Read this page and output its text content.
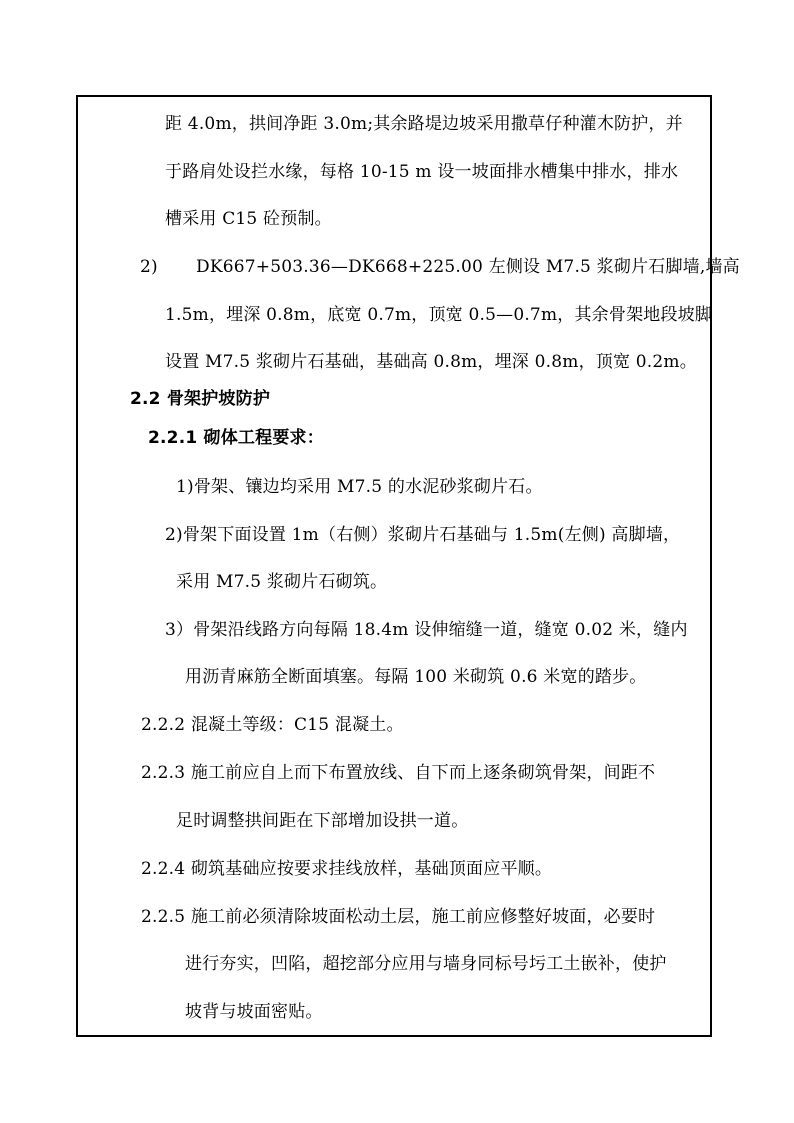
距 4.0m，拱间净距 3.0m;其余路堤边坡采用撒草仔种灌木防护，并
于路肩处设拦水缘，每格 10-15 m 设一坡面排水槽集中排水，排水
槽采用 C15 砼预制。
2) DK667+503.36—DK668+225.00 左侧设 M7.5 浆砌片石脚墙,墙高
1.5m，埋深 0.8m，底宽 0.7m，顶宽 0.5—0.7m，其余骨架地段坡脚
设置 M7.5 浆砌片石基础，基础高 0.8m，埋深 0.8m，顶宽 0.2m。
2.2 骨架护坡防护
2.2.1 砌体工程要求：
1)骨架、镶边均采用 M7.5 的水泥砂浆砌片石。
2)骨架下面设置 1m（右侧）浆砌片石基础与 1.5m(左侧) 高脚墙，
采用 M7.5 浆砌片石砌筑。
3）骨架沿线路方向每隔 18.4m 设伸缩缝一道，缝宽 0.02 米，缝内
用沥青麻筋全断面填塞。每隔 100 米砌筑 0.6 米宽的踏步。
2.2.2 混凝土等级：C15 混凝土。
2.2.3 施工前应自上而下布置放线、自下而上逐条砌筑骨架，间距不
足时调整拱间距在下部增加设拱一道。
2.2.4 砌筑基础应按要求挂线放样，基础顶面应平顺。
2.2.5 施工前必须清除坡面松动土层，施工前应修整好坡面，必要时
进行夯实，凹陷，超挖部分应用与墙身同标号圬工土嵌补，使护
坡背与坡面密贴。
